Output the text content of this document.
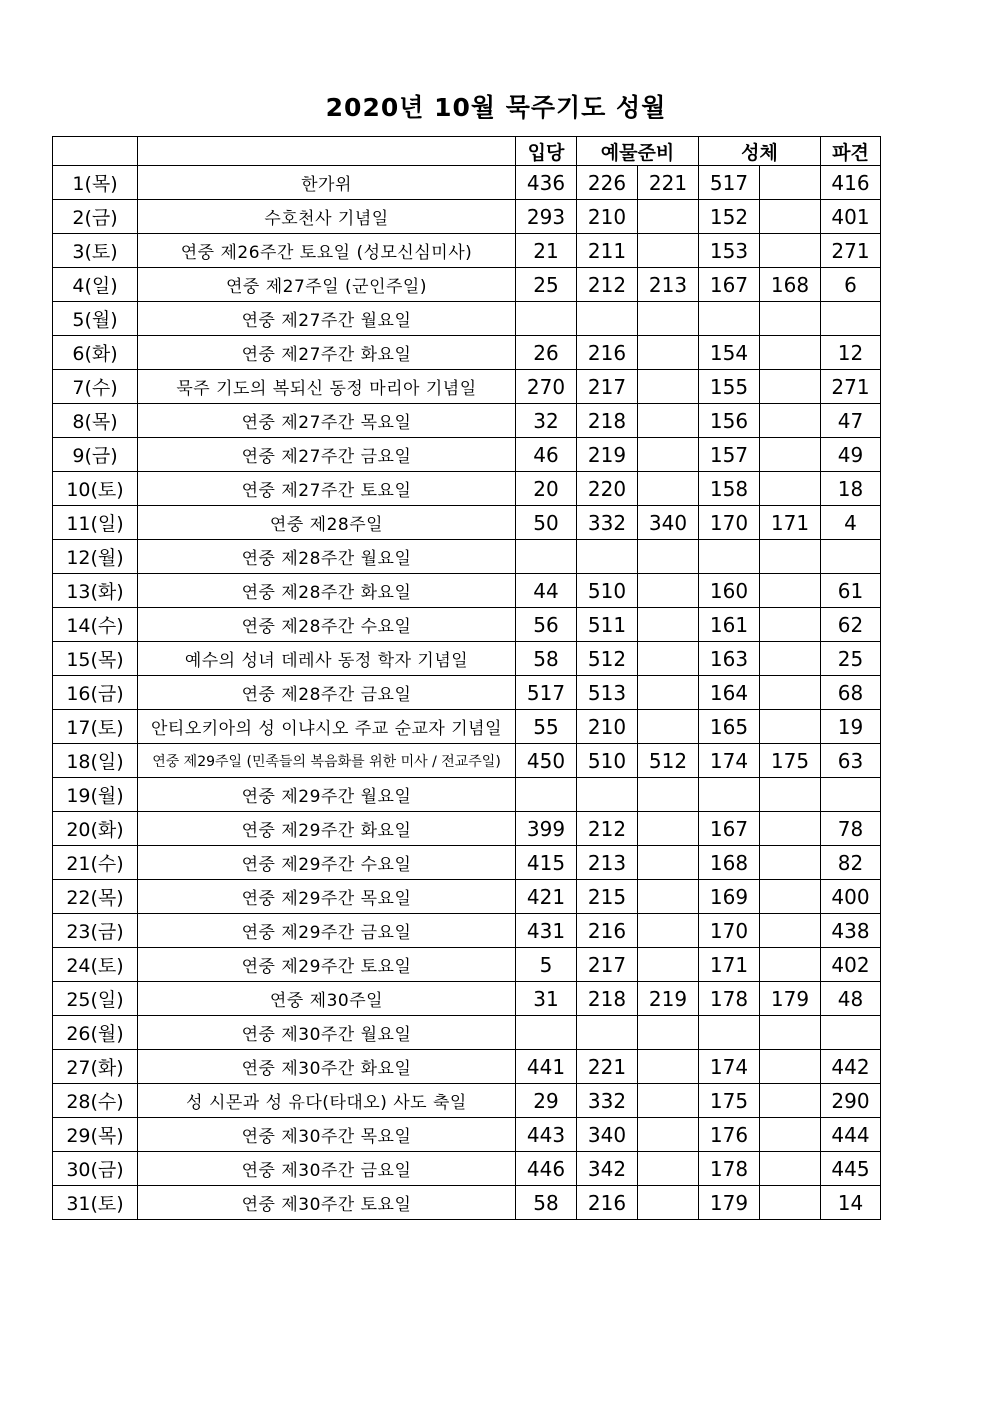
2020년 10월 묵주기도 성월
		입당	예물준비		성체		파견
1(목)	한가위	436	226	221	517		416
2(금)	수호천사 기념일	293	210		152		401
3(토)	연중 제26주간 토요일 (성모신심미사)	21	211		153		271
4(일)	연중 제27주일 (군인주일)	25	212	213	167	168	6
5(월)	연중 제27주간 월요일						
6(화)	연중 제27주간 화요일	26	216		154		12
7(수)	묵주 기도의 복되신 동정 마리아 기념일	270	217		155		271
8(목)	연중 제27주간 목요일	32	218		156		47
9(금)	연중 제27주간 금요일	46	219		157		49
10(토)	연중 제27주간 토요일	20	220		158		18
11(일)	연중 제28주일	50	332	340	170	171	4
12(월)	연중 제28주간 월요일						
13(화)	연중 제28주간 화요일	44	510		160		61
14(수)	연중 제28주간 수요일	56	511		161		62
15(목)	예수의 성녀 데레사 동정 학자 기념일	58	512		163		25
16(금)	연중 제28주간 금요일	517	513		164		68
17(토)	안티오키아의 성 이냐시오 주교 순교자 기념일	55	210		165		19
18(일)	연중 제29주일 (민족들의 복음화를 위한 미사 / 전교주일)	450	510	512	174	175	63
19(월)	연중 제29주간 월요일						
20(화)	연중 제29주간 화요일	399	212		167		78
21(수)	연중 제29주간 수요일	415	213		168		82
22(목)	연중 제29주간 목요일	421	215		169		400
23(금)	연중 제29주간 금요일	431	216		170		438
24(토)	연중 제29주간 토요일	5	217		171		402
25(일)	연중 제30주일	31	218	219	178	179	48
26(월)	연중 제30주간 월요일						
27(화)	연중 제30주간 화요일	441	221		174		442
28(수)	성 시몬과 성 유다(타대오) 사도 축일	29	332		175		290
29(목)	연중 제30주간 목요일	443	340		176		444
30(금)	연중 제30주간 금요일	446	342		178		445
31(토)	연중 제30주간 토요일	58	216		179		14
